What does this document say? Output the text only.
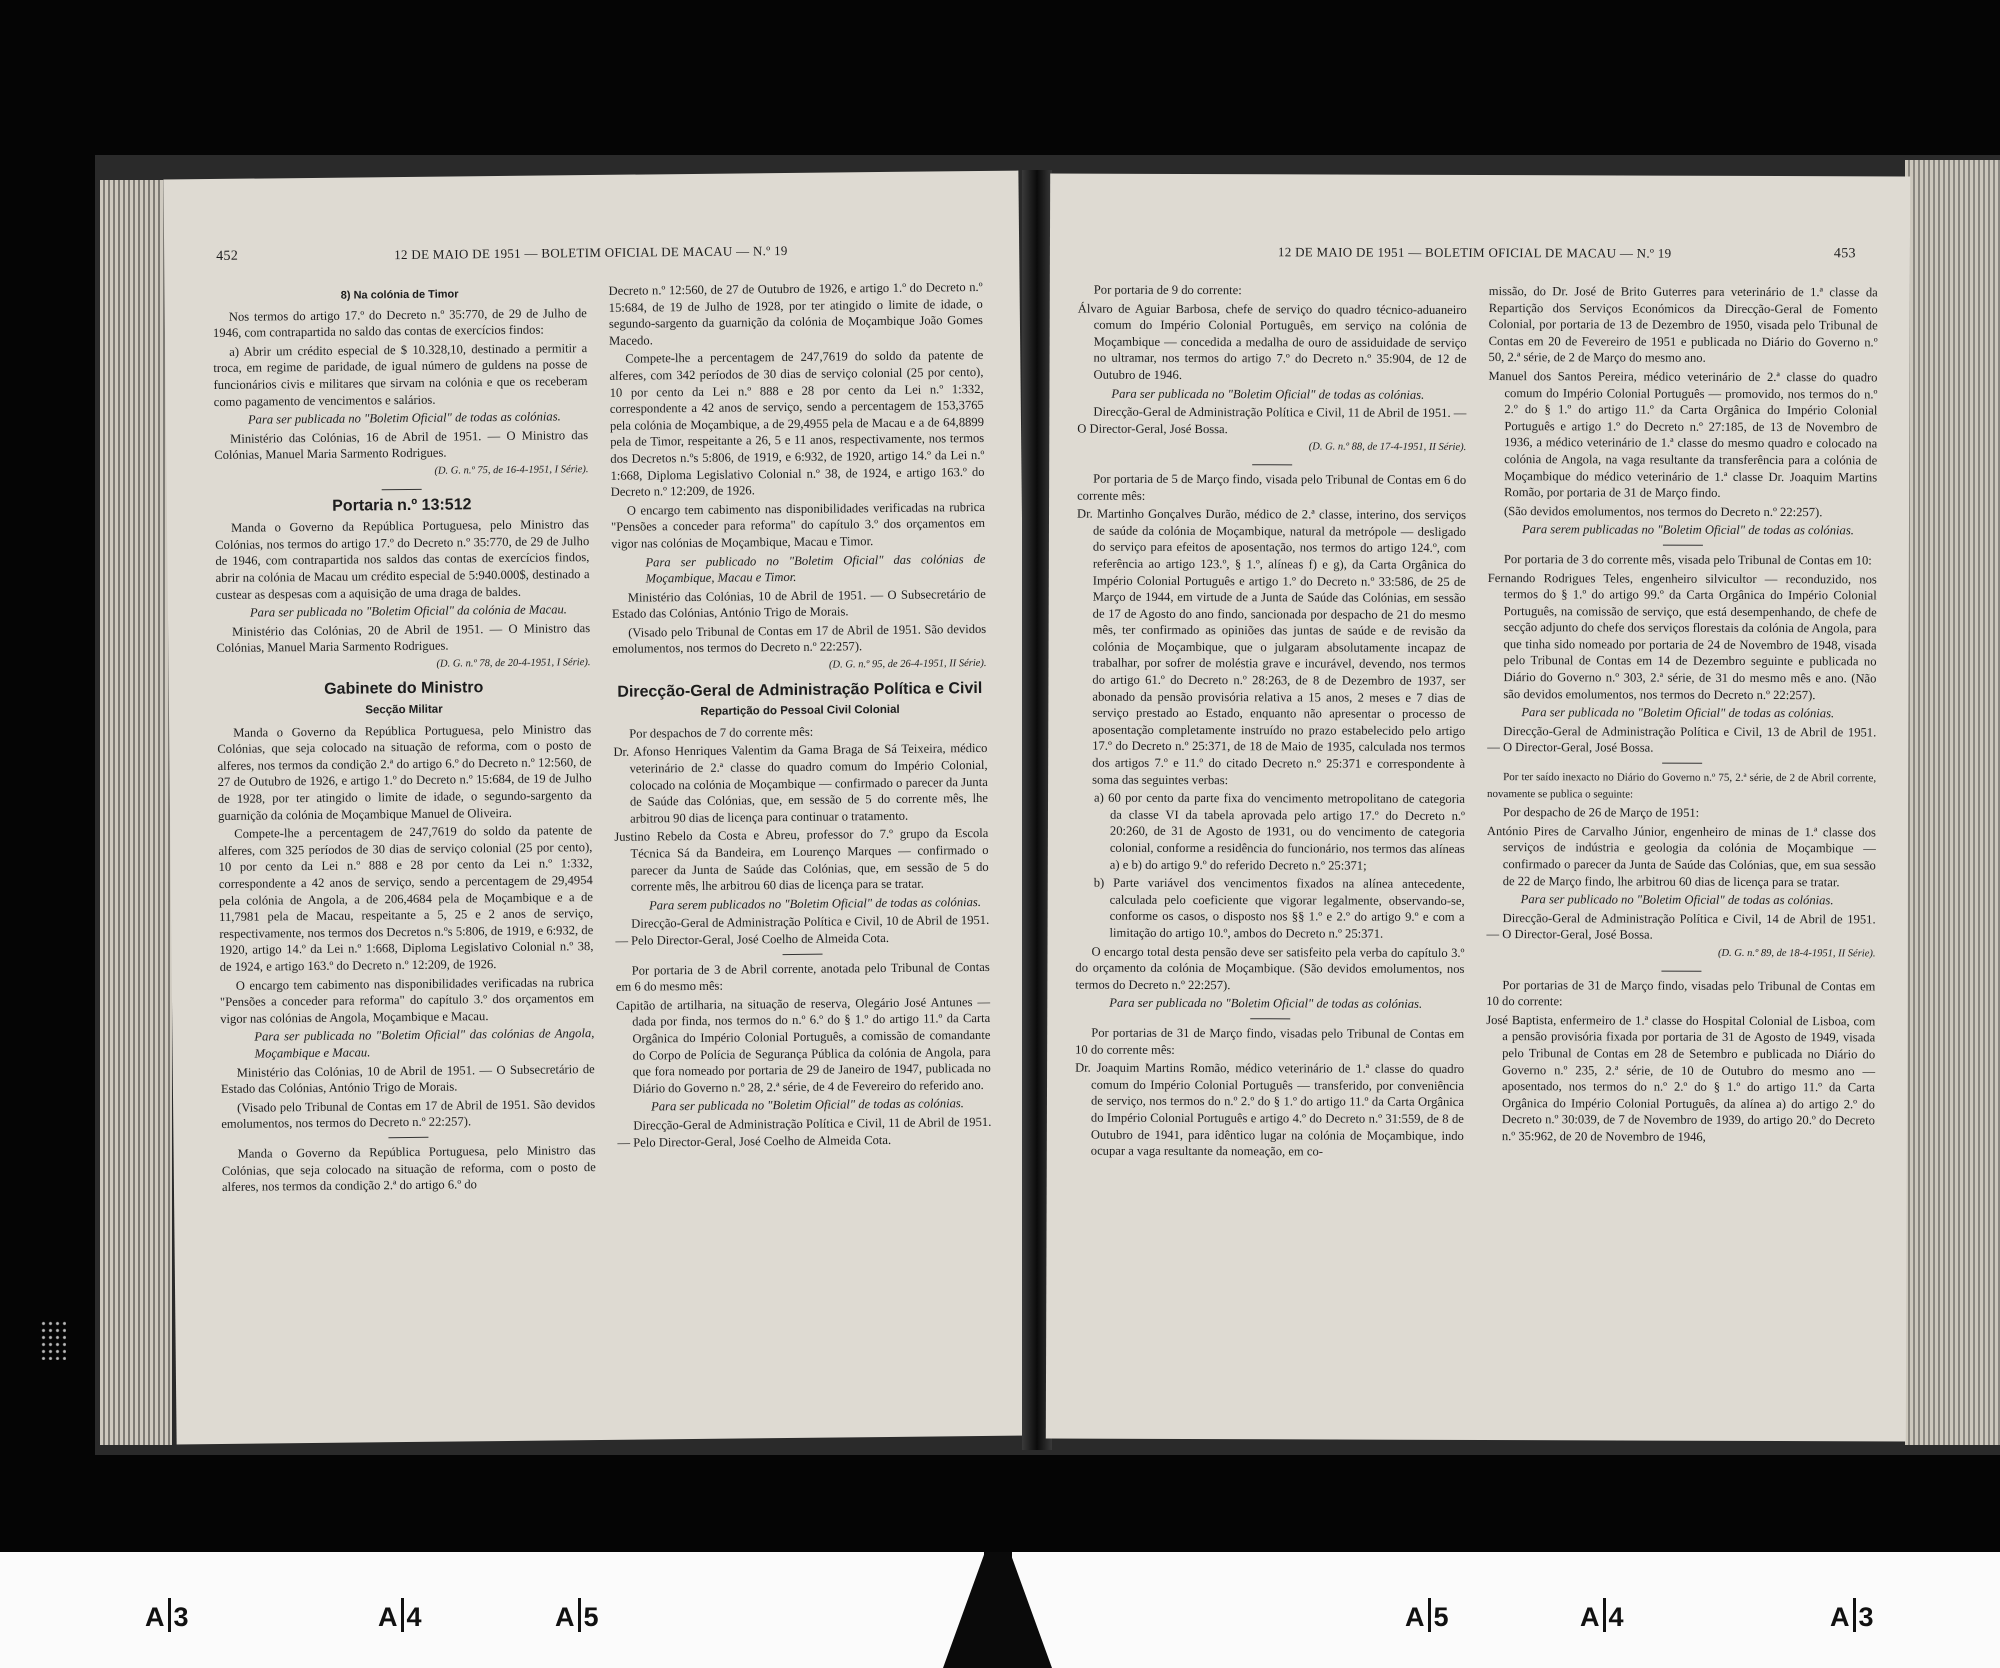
452	12 DE MAIO DE 1951 — BOLETIM OFICIAL DE MACAU — N.º 19
8) Na colónia de Timor

Nos termos do artigo 17.º do Decreto n.º 35:770, de 29 de Julho de 1946, com contrapartida no saldo das contas de exercícios findos:

a) Abrir um crédito especial de $ 10.328,10, destinado a permitir a troca, em regime de paridade, de igual número de guldens na posse de funcionários civis e militares que sirvam na colónia e que os receberam como pagamento de vencimentos e salários.

Para ser publicada no "Boletim Oficial" de todas as colónias.

Ministério das Colónias, 16 de Abril de 1951. — O Ministro das Colónias, Manuel Maria Sarmento Rodrigues.

(D. G. n.º 75, de 16-4-1951, I Série).

Portaria n.º 13:512

Manda o Governo da República Portuguesa, pelo Ministro das Colónias, nos termos do artigo 17.º do Decreto n.º 35:770, de 29 de Julho de 1946, com contrapartida nos saldos das contas de exercícios findos, abrir na colónia de Macau um crédito especial de 5:940.000$, destinado a custear as despesas com a aquisição de uma draga de baldes.

Para ser publicada no "Boletim Oficial" da colónia de Macau.

Ministério das Colónias, 20 de Abril de 1951. — O Ministro das Colónias, Manuel Maria Sarmento Rodrigues.

(D. G. n.º 78, de 20-4-1951, I Série).

Gabinete do Ministro
Secção Militar

Manda o Governo da República Portuguesa, pelo Ministro das Colónias, que seja colocado na situação de reforma, com o posto de alferes, nos termos da condição 2.ª do artigo 6.º do Decreto n.º 12:560, de 27 de Outubro de 1926, e artigo 1.º do Decreto n.º 15:684, de 19 de Julho de 1928, por ter atingido o limite de idade, o segundo-sargento da guarnição da colónia de Moçambique Manuel de Oliveira.

Compete-lhe a percentagem de 247,7619 do soldo da patente de alferes, com 325 períodos de 30 dias de serviço colonial (25 por cento), 10 por cento da Lei n.º 888 e 28 por cento da Lei n.º 1:332, correspondente a 42 anos de serviço, sendo a percentagem de 29,4954 pela colónia de Angola, a de 206,4684 pela de Moçambique e a de 11,7981 pela de Macau, respeitante a 5, 25 e 2 anos de serviço, respectivamente, nos termos dos Decretos n.ºs 5:806, de 1919, e 6:932, de 1920, artigo 14.º da Lei n.º 1:668, Diploma Legislativo Colonial n.º 38, de 1924, e artigo 163.º do Decreto n.º 12:209, de 1926.

O encargo tem cabimento nas disponibilidades verificadas na rubrica "Pensões a conceder para reforma" do capítulo 3.º dos orçamentos em vigor nas colónias de Angola, Moçambique e Macau.

Para ser publicada no "Boletim Oficial" das colónias de Angola, Moçambique e Macau.

Ministério das Colónias, 10 de Abril de 1951. — O Subsecretário de Estado das Colónias, António Trigo de Morais.

(Visado pelo Tribunal de Contas em 17 de Abril de 1951. São devidos emolumentos, nos termos do Decreto n.º 22:257).

Manda o Governo da República Portuguesa, pelo Ministro das Colónias, que seja colocado na situação de reforma, com o posto de alferes, nos termos da condição 2.ª do artigo 6.º do

Decreto n.º 12:560, de 27 de Outubro de 1926, e artigo 1.º do Decreto n.º 15:684, de 19 de Julho de 1928, por ter atingido o limite de idade, o segundo-sargento da guarnição da colónia de Moçambique João Gomes Macedo.

Compete-lhe a percentagem de 247,7619 do soldo da patente de alferes, com 342 períodos de 30 dias de serviço colonial (25 por cento), 10 por cento da Lei n.º 888 e 28 por cento da Lei n.º 1:332, correspondente a 42 anos de serviço, sendo a percentagem de 153,3765 pela colónia de Moçambique, a de 29,4955 pela de Macau e a de 64,8899 pela de Timor, respeitante a 26, 5 e 11 anos, respectivamente, nos termos dos Decretos n.ºs 5:806, de 1919, e 6:932, de 1920, artigo 14.º da Lei n.º 1:668, Diploma Legislativo Colonial n.º 38, de 1924, e artigo 163.º do Decreto n.º 12:209, de 1926.

O encargo tem cabimento nas disponibilidades verificadas na rubrica "Pensões a conceder para reforma" do capítulo 3.º dos orçamentos em vigor nas colónias de Moçambique, Macau e Timor.

Para ser publicado no "Boletim Oficial" das colónias de Moçambique, Macau e Timor.

Ministério das Colónias, 10 de Abril de 1951. — O Subsecretário de Estado das Colónias, António Trigo de Morais.

(Visado pelo Tribunal de Contas em 17 de Abril de 1951. São devidos emolumentos, nos termos do Decreto n.º 22:257).

(D. G. n.º 95, de 26-4-1951, II Série).

Direcção-Geral de Administração Política e Civil
Repartição do Pessoal Civil Colonial

Por despachos de 7 do corrente mês:

Dr. Afonso Henriques Valentim da Gama Braga de Sá Teixeira, médico veterinário de 2.ª classe do quadro comum do Império Colonial, colocado na colónia de Moçambique — confirmado o parecer da Junta de Saúde das Colónias, que, em sessão de 5 do corrente mês, lhe arbitrou 90 dias de licença para continuar o tratamento.

Justino Rebelo da Costa e Abreu, professor do 7.º grupo da Escola Técnica Sá da Bandeira, em Lourenço Marques — confirmado o parecer da Junta de Saúde das Colónias, que, em sessão de 5 do corrente mês, lhe arbitrou 60 dias de licença para se tratar.

Para serem publicados no "Boletim Oficial" de todas as colónias.

Direcção-Geral de Administração Política e Civil, 10 de Abril de 1951. — Pelo Director-Geral, José Coelho de Almeida Cota.

Por portaria de 3 de Abril corrente, anotada pelo Tribunal de Contas em 6 do mesmo mês:

Capitão de artilharia, na situação de reserva, Olegário José Antunes — dada por finda, nos termos do n.º 6.º do § 1.º do artigo 11.º da Carta Orgânica do Império Colonial Português, a comissão de comandante do Corpo de Polícia de Segurança Pública da colónia de Angola, para que fora nomeado por portaria de 29 de Janeiro de 1947, publicada no Diário do Governo n.º 28, 2.ª série, de 4 de Fevereiro do referido ano.

Para ser publicada no "Boletim Oficial" de todas as colónias.

Direcção-Geral de Administração Política e Civil, 11 de Abril de 1951. — Pelo Director-Geral, José Coelho de Almeida Cota.

12 DE MAIO DE 1951 — BOLETIM OFICIAL DE MACAU — N.º 19	453

Por portaria de 9 do corrente:

Álvaro de Aguiar Barbosa, chefe de serviço do quadro técnico-aduaneiro comum do Império Colonial Português, em serviço na colónia de Moçambique — concedida a medalha de ouro de assiduidade de serviço no ultramar, nos termos do artigo 7.º do Decreto n.º 35:904, de 12 de Outubro de 1946.

Para ser publicada no "Boletim Oficial" de todas as colónias.

Direcção-Geral de Administração Política e Civil, 11 de Abril de 1951. — O Director-Geral, José Bossa.

(D. G. n.º 88, de 17-4-1951, II Série).

Por portaria de 5 de Março findo, visada pelo Tribunal de Contas em 6 do corrente mês:

Dr. Martinho Gonçalves Durão, médico de 2.ª classe, interino, dos serviços de saúde da colónia de Moçambique, natural da metrópole — desligado do serviço para efeitos de aposentação, nos termos do artigo 124.º, com referência ao artigo 123.º, § 1.º, alíneas f) e g), da Carta Orgânica do Império Colonial Português e artigo 1.º do Decreto n.º 33:586, de 25 de Março de 1944, em virtude de a Junta de Saúde das Colónias, em sessão de 17 de Agosto do ano findo, sancionada por despacho de 21 do mesmo mês, ter confirmado as opiniões das juntas de saúde e de revisão da colónia de Moçambique, que o julgaram absolutamente incapaz de trabalhar, por sofrer de moléstia grave e incurável, devendo, nos termos do artigo 61.º do Decreto n.º 28:263, de 8 de Dezembro de 1937, ser abonado da pensão provisória relativa a 15 anos, 2 meses e 7 dias de serviço prestado ao Estado, enquanto não apresentar o processo de aposentação completamente instruído no prazo estabelecido pelo artigo 17.º do Decreto n.º 25:371, de 18 de Maio de 1935, calculada nos termos dos artigos 7.º e 11.º do citado Decreto n.º 25:371 e correspondente à soma das seguintes verbas:

a) 60 por cento da parte fixa do vencimento metropolitano de categoria da classe VI da tabela aprovada pelo artigo 17.º do Decreto n.º 20:260, de 31 de Agosto de 1931, ou do vencimento de categoria colonial, conforme a residência do funcionário, nos termos das alíneas a) e b) do artigo 9.º do referido Decreto n.º 25:371;

b) Parte variável dos vencimentos fixados na alínea antecedente, calculada pelo coeficiente que vigorar legalmente, observando-se, conforme os casos, o disposto nos §§ 1.º e 2.º do artigo 9.º e com a limitação do artigo 10.º, ambos do Decreto n.º 25:371.

O encargo total desta pensão deve ser satisfeito pela verba do capítulo 3.º do orçamento da colónia de Moçambique. (São devidos emolumentos, nos termos do Decreto n.º 22:257).

Para ser publicada no "Boletim Oficial" de todas as colónias.

Por portarias de 31 de Março findo, visadas pelo Tribunal de Contas em 10 do corrente mês:

Dr. Joaquim Martins Romão, médico veterinário de 1.ª classe do quadro comum do Império Colonial Português — transferido, por conveniência de serviço, nos termos do n.º 2.º do § 1.º do artigo 11.º da Carta Orgânica do Império Colonial Português e artigo 4.º do Decreto n.º 31:559, de 8 de Outubro de 1941, para idêntico lugar na colónia de Moçambique, indo ocupar a vaga resultante da nomeação, em co-

missão, do Dr. José de Brito Guterres para veterinário de 1.ª classe da Repartição dos Serviços Económicos da Direcção-Geral de Fomento Colonial, por portaria de 13 de Dezembro de 1950, visada pelo Tribunal de Contas em 20 de Fevereiro de 1951 e publicada no Diário do Governo n.º 50, 2.ª série, de 2 de Março do mesmo ano.

Manuel dos Santos Pereira, médico veterinário de 2.ª classe do quadro comum do Império Colonial Português — promovido, nos termos do n.º 2.º do § 1.º do artigo 11.º da Carta Orgânica do Império Colonial Português e artigo 1.º do Decreto n.º 27:185, de 13 de Novembro de 1936, a médico veterinário de 1.ª classe do mesmo quadro e colocado na colónia de Angola, na vaga resultante da transferência para a colónia de Moçambique do médico veterinário de 1.ª classe Dr. Joaquim Martins Romão, por portaria de 31 de Março findo.

(São devidos emolumentos, nos termos do Decreto n.º 22:257).

Para serem publicadas no "Boletim Oficial" de todas as colónias.

Por portaria de 3 do corrente mês, visada pelo Tribunal de Contas em 10:

Fernando Rodrigues Teles, engenheiro silvicultor — reconduzido, nos termos do § 1.º do artigo 99.º da Carta Orgânica do Império Colonial Português, na comissão de serviço, que está desempenhando, de chefe de secção adjunto do chefe dos serviços florestais da colónia de Angola, para que tinha sido nomeado por portaria de 24 de Novembro de 1948, visada pelo Tribunal de Contas em 14 de Dezembro seguinte e publicada no Diário do Governo n.º 303, 2.ª série, de 31 do mesmo mês e ano. (Não são devidos emolumentos, nos termos do Decreto n.º 22:257).

Para ser publicada no "Boletim Oficial" de todas as colónias.

Direcção-Geral de Administração Política e Civil, 13 de Abril de 1951. — O Director-Geral, José Bossa.

Por ter saído inexacto no Diário do Governo n.º 75, 2.ª série, de 2 de Abril corrente, novamente se publica o seguinte:

Por despacho de 26 de Março de 1951:

António Pires de Carvalho Júnior, engenheiro de minas de 1.ª classe dos serviços de indústria e geologia da colónia de Moçambique — confirmado o parecer da Junta de Saúde das Colónias, que, em sua sessão de 22 de Março findo, lhe arbitrou 60 dias de licença para se tratar.

Para ser publicado no "Boletim Oficial" de todas as colónias.

Direcção-Geral de Administração Política e Civil, 14 de Abril de 1951. — O Director-Geral, José Bossa.

(D. G. n.º 89, de 18-4-1951, II Série).

Por portarias de 31 de Março findo, visadas pelo Tribunal de Contas em 10 do corrente:

José Baptista, enfermeiro de 1.ª classe do Hospital Colonial de Lisboa, com a pensão provisória fixada por portaria de 31 de Agosto de 1949, visada pelo Tribunal de Contas em 28 de Setembro e publicada no Diário do Governo n.º 235, 2.ª série, de 10 de Outubro do mesmo ano — aposentado, nos termos do n.º 2.º do § 1.º do artigo 11.º da Carta Orgânica do Império Colonial Português, da alínea a) do artigo 2.º do Decreto n.º 30:039, de 7 de Novembro de 1939, do artigo 20.º do Decreto n.º 35:962, de 20 de Novembro de 1946,

A 3	A 4	A 5	A 5	A 4	A 3
